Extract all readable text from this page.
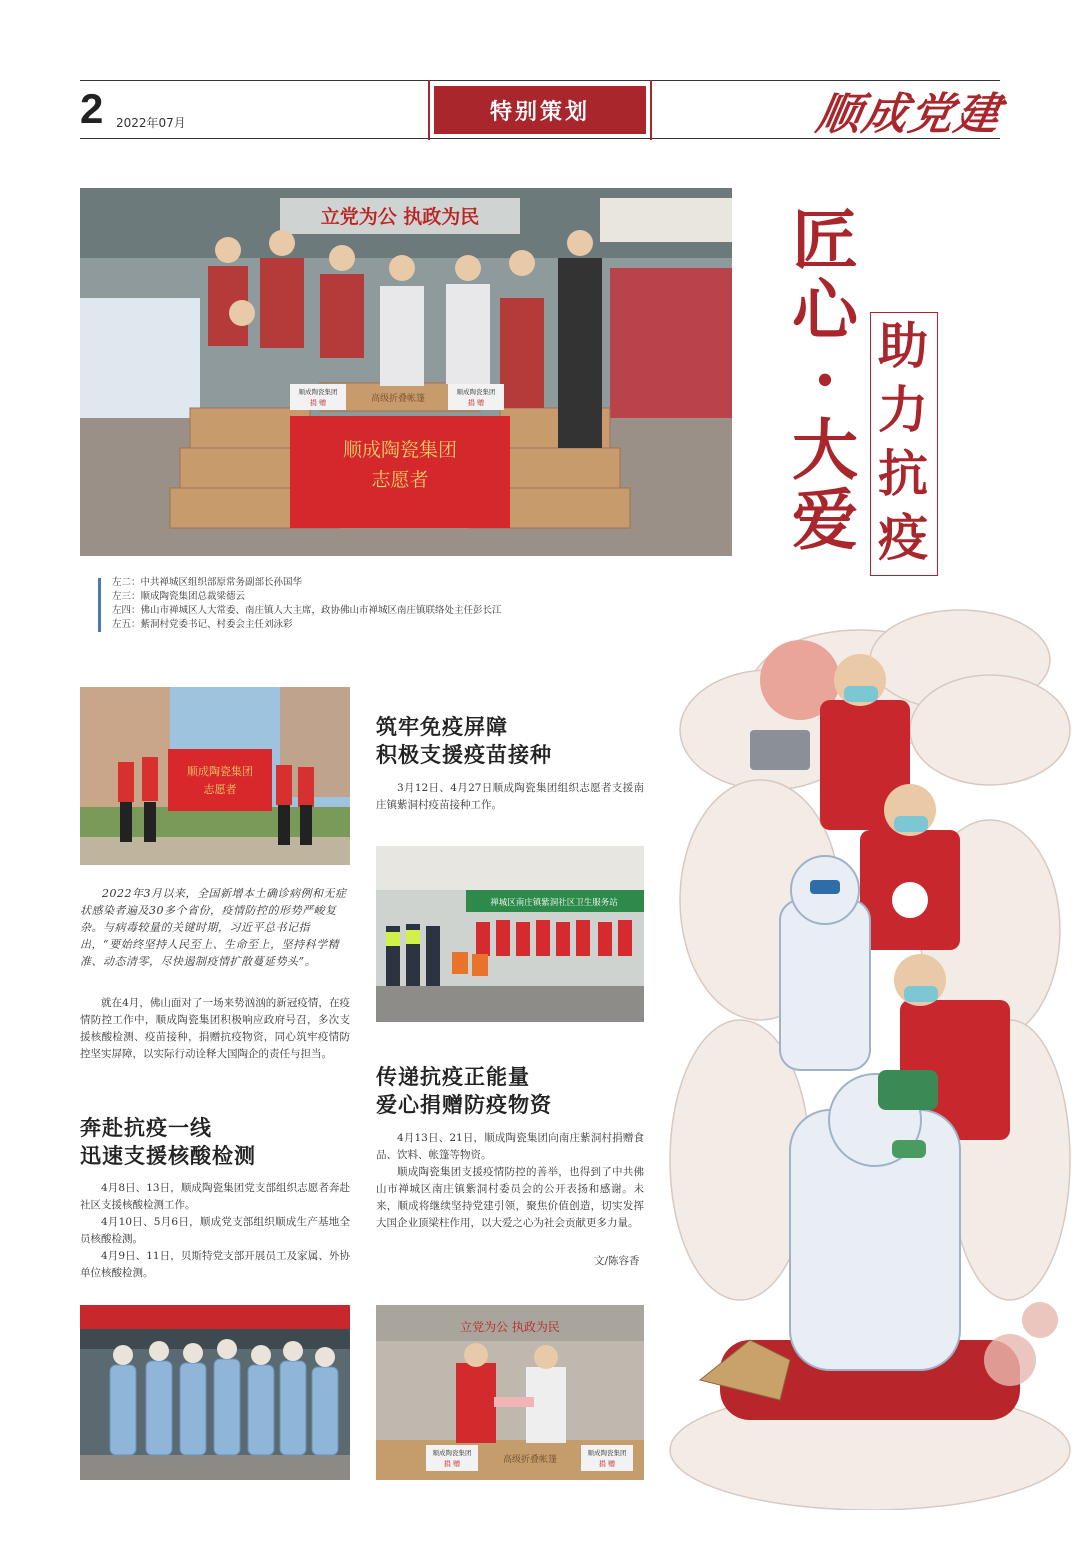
2 2022年07月	特别策划	顺成党建
立党为公 执政为民
顺成陶瓷集团
志愿者
顺成陶瓷集团
捐 赠
顺成陶瓷集团
捐 赠
高级折叠帐篷
左二：中共禅城区组织部原常务副部长孙国华
左三：顺成陶瓷集团总裁梁德云
左四：佛山市禅城区人大常委、南庄镇人大主席，政协佛山市禅城区南庄镇联络处主任彭长江
左五：紫洞村党委书记、村委会主任刘泳彩
匠
心
·
大
爱
助
力
抗
疫
顺成陶瓷集团
志愿者
2022年3月以来，全国新增本土确诊病例和无症状感染者遍及30多个省份，疫情防控的形势严峻复杂。与病毒较量的关键时期，习近平总书记指出，“要始终坚持人民至上、生命至上，坚持科学精准、动态清零，尽快遏制疫情扩散蔓延势头”。

就在4月，佛山面对了一场来势汹汹的新冠疫情，在疫情防控工作中，顺成陶瓷集团积极响应政府号召，多次支援核酸检测、疫苗接种，捐赠抗疫物资，同心筑牢疫情防控坚实屏障，以实际行动诠释大国陶企的责任与担当。

奔赴抗疫一线
迅速支援核酸检测

4月8日、13日，顺成陶瓷集团党支部组织志愿者奔赴社区支援核酸检测工作。

4月10日、5月6日，顺成党支部组织顺成生产基地全员核酸检测。

4月9日、11日，贝斯特党支部开展员工及家属、外协单位核酸检测。

筑牢免疫屏障
积极支援疫苗接种

3月12日、4月27日顺成陶瓷集团组织志愿者支援南庄镇紫洞村疫苗接种工作。

禅城区南庄镇紫洞社区卫生服务站
传递抗疫正能量
爱心捐赠防疫物资

4月13日、21日，顺成陶瓷集团向南庄紫洞村捐赠食品、饮料、帐篷等物资。

顺成陶瓷集团支援疫情防控的善举，也得到了中共佛山市禅城区南庄镇紫洞村委员会的公开表扬和感谢。未来，顺成将继续坚持党建引领，聚焦价值创造，切实发挥大国企业顶梁柱作用，以大爱之心为社会贡献更多力量。

文/陈容香
立党为公 执政为民
顺成陶瓷集团
捐 赠
顺成陶瓷集团
捐 赠
高级折叠帐篷
